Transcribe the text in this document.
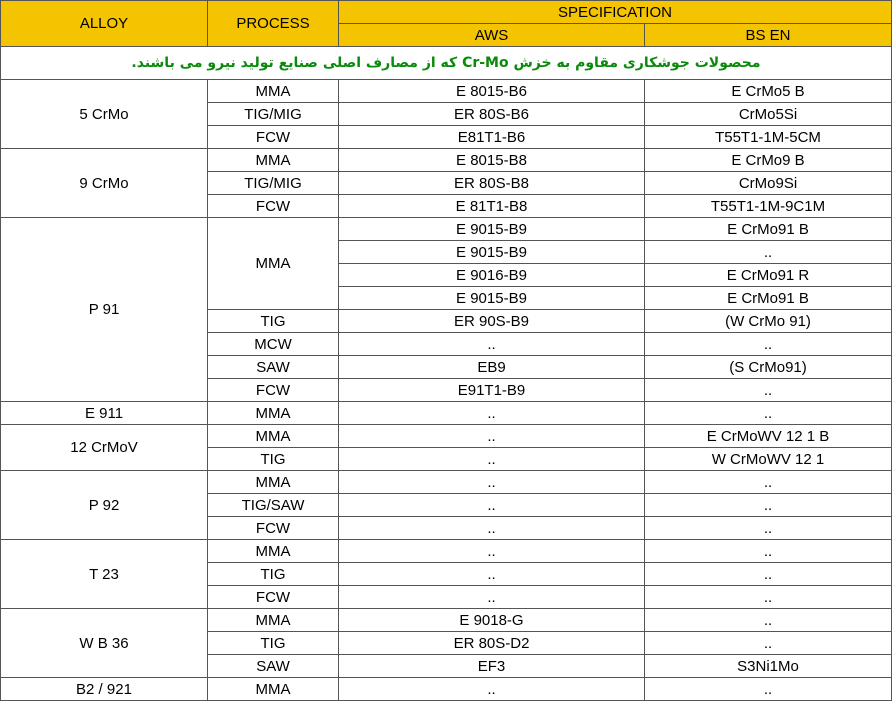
ALLOY	PROCESS	SPECIFICATION	
		AWS	BS EN
محصولات جوشکاری مقاوم به خزش Cr-Mo که از مصارف اصلی صنایع تولید نیرو می باشند.			
5 CrMo	MMA	E 8015-B6	E CrMo5 B
	TIG/MIG	ER 80S-B6	CrMo5Si
	FCW	E81T1-B6	T55T1-1M-5CM
9 CrMo	MMA	E 8015-B8	E CrMo9 B
	TIG/MIG	ER 80S-B8	CrMo9Si
	FCW	E 81T1-B8	T55T1-1M-9C1M
P 91	MMA	E 9015-B9	E CrMo91 B
		E 9015-B9	..
		E 9016-B9	E CrMo91 R
		E 9015-B9	E CrMo91 B
	TIG	ER 90S-B9	(W CrMo 91)
	MCW	..	..
	SAW	EB9	(S CrMo91)
	FCW	E91T1-B9	..
E 911	MMA	..	..
12 CrMoV	MMA	..	E CrMoWV 12 1 B
	TIG	..	W CrMoWV 12 1
P 92	MMA	..	..
	TIG/SAW	..	..
	FCW	..	..
T 23	MMA	..	..
	TIG	..	..
	FCW	..	..
W B 36	MMA	E 9018-G	..
	TIG	ER 80S-D2	..
	SAW	EF3	S3Ni1Mo
B2 / 921	MMA	..	..
